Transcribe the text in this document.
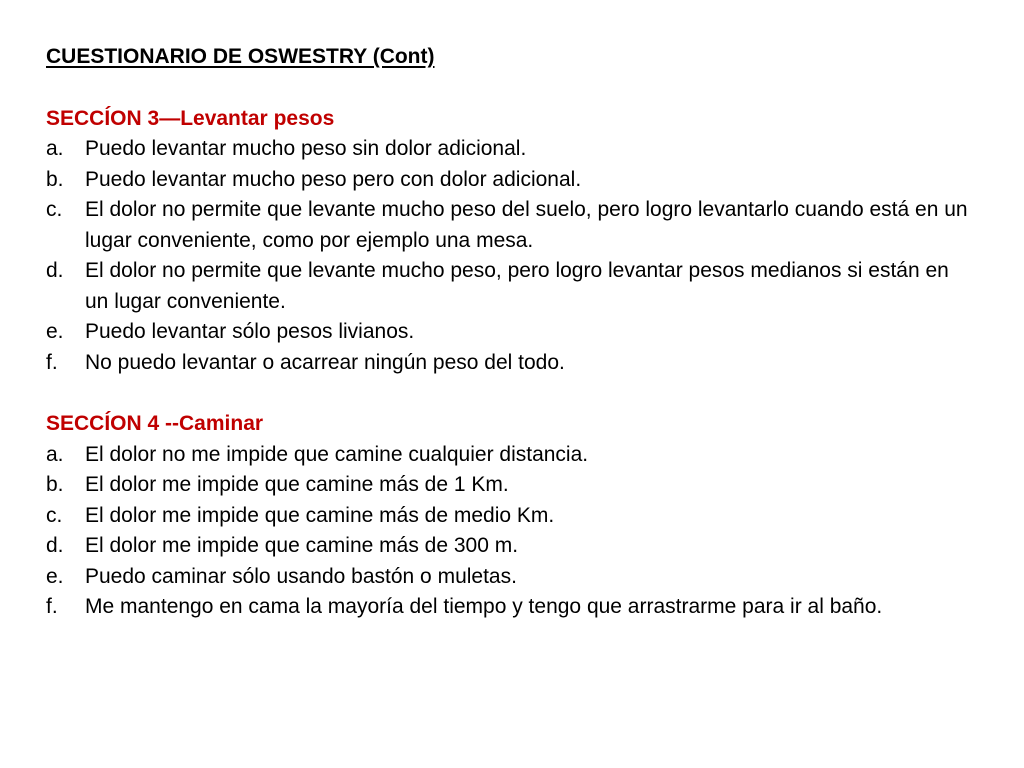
CUESTIONARIO DE OSWESTRY (Cont)
SECCÍON 3—Levantar pesos
a.	Puedo levantar mucho peso sin dolor adicional.
b.	Puedo levantar mucho peso pero con dolor adicional.
c.	El dolor no permite que levante mucho peso del suelo, pero logro levantarlo cuando está en un lugar conveniente, como por ejemplo una mesa.
d.	El dolor no permite que levante mucho peso, pero logro levantar pesos medianos si están en un lugar conveniente.
e.	Puedo levantar sólo pesos livianos.
f.	No puedo levantar o acarrear ningún peso del todo.
SECCÍON 4 --Caminar
a.	El dolor no me impide que camine cualquier distancia.
b.	El dolor me impide que camine más de 1 Km.
c.	El dolor me impide que camine más de medio Km.
d.	El dolor me impide que camine más de 300 m.
e.	Puedo caminar sólo usando bastón o muletas.
f.	Me mantengo en cama la mayoría del tiempo y tengo que arrastrarme para ir al baño.
